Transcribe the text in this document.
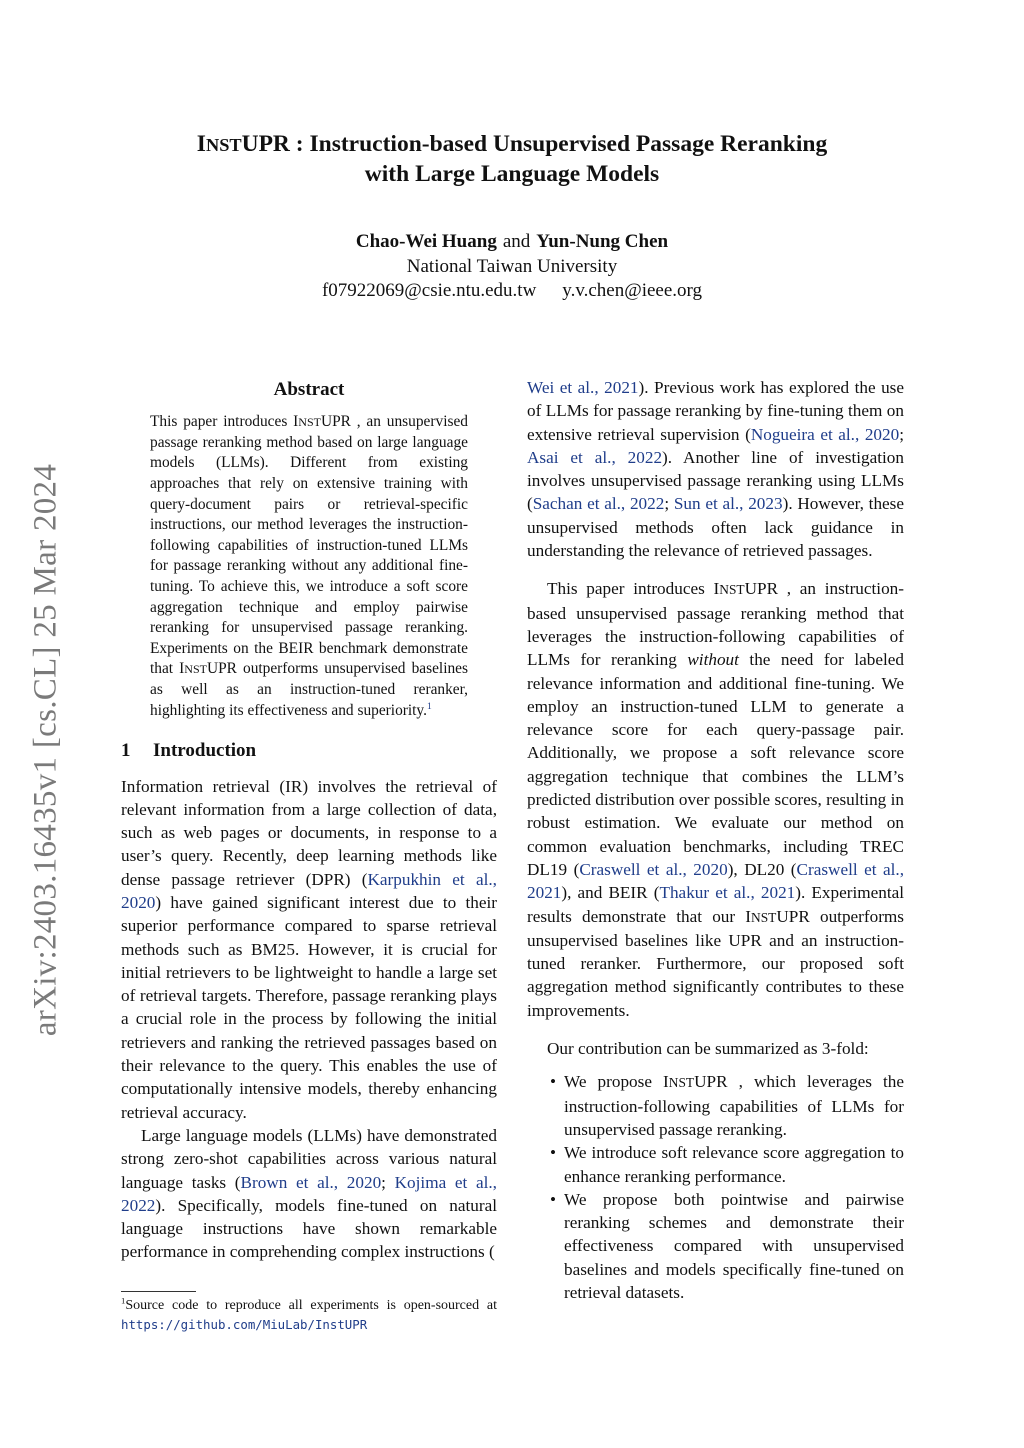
arXiv:2403.16435v1 [cs.CL] 25 Mar 2024
INSTUPR : Instruction-based Unsupervised Passage Reranking
with Large Language Models
Chao-Wei Huang and Yun-Nung Chen
National Taiwan University
f07922069@csie.ntu.edu.tw y.v.chen@ieee.org
Abstract

This paper introduces INSTUPR , an unsupervised passage reranking method based on large language models (LLMs). Different from existing approaches that rely on extensive training with query-document pairs or retrieval-specific instructions, our method leverages the instruction-following capabilities of instruction-tuned LLMs for passage reranking without any additional fine-tuning. To achieve this, we introduce a soft score aggregation technique and employ pairwise reranking for unsupervised passage reranking. Experiments on the BEIR benchmark demonstrate that INSTUPR outperforms unsupervised baselines as well as an instruction-tuned reranker, highlighting its effectiveness and superiority.$^1$

1 Introduction

Information retrieval (IR) involves the retrieval of relevant information from a large collection of data, such as web pages or documents, in response to a user’s query. Recently, deep learning methods like dense passage retriever (DPR) (Karpukhin et al., 2020) have gained significant interest due to their superior performance compared to sparse retrieval methods such as BM25. However, it is crucial for initial retrievers to be lightweight to handle a large set of retrieval targets. Therefore, passage reranking plays a crucial role in the process by following the initial retrievers and ranking the retrieved passages based on their relevance to the query. This enables the use of computationally intensive models, thereby enhancing retrieval accuracy.

Large language models (LLMs) have demonstrated strong zero-shot capabilities across various natural language tasks (Brown et al., 2020; Kojima et al., 2022). Specifically, models fine-tuned on natural language instructions have shown remarkable performance in comprehending complex instructions (

$^1$Source code to reproduce all experiments is open-sourced at https://github.com/MiuLab/InstUPR

Wei et al., 2021). Previous work has explored the use of LLMs for passage reranking by fine-tuning them on extensive retrieval supervision (Nogueira et al., 2020; Asai et al., 2022). Another line of investigation involves unsupervised passage reranking using LLMs (Sachan et al., 2022; Sun et al., 2023). However, these unsupervised methods often lack guidance in understanding the relevance of retrieved passages.

This paper introduces INSTUPR , an instruction-based unsupervised passage reranking method that leverages the instruction-following capabilities of LLMs for reranking without the need for labeled relevance information and additional fine-tuning. We employ an instruction-tuned LLM to generate a relevance score for each query-passage pair. Additionally, we propose a soft relevance score aggregation technique that combines the LLM’s predicted distribution over possible scores, resulting in robust estimation. We evaluate our method on common evaluation benchmarks, including TREC DL19 (Craswell et al., 2020), DL20 (Craswell et al., 2021), and BEIR (Thakur et al., 2021). Experimental results demonstrate that our INSTUPR outperforms unsupervised baselines like UPR and an instruction-tuned reranker. Furthermore, our proposed soft aggregation method significantly contributes to these improvements.

Our contribution can be summarized as 3-fold:

• We propose INSTUPR , which leverages the instruction-following capabilities of LLMs for unsupervised passage reranking.
• We introduce soft relevance score aggregation to enhance reranking performance.
• We propose both pointwise and pairwise reranking schemes and demonstrate their effectiveness compared with unsupervised baselines and models specifically fine-tuned on retrieval datasets.
